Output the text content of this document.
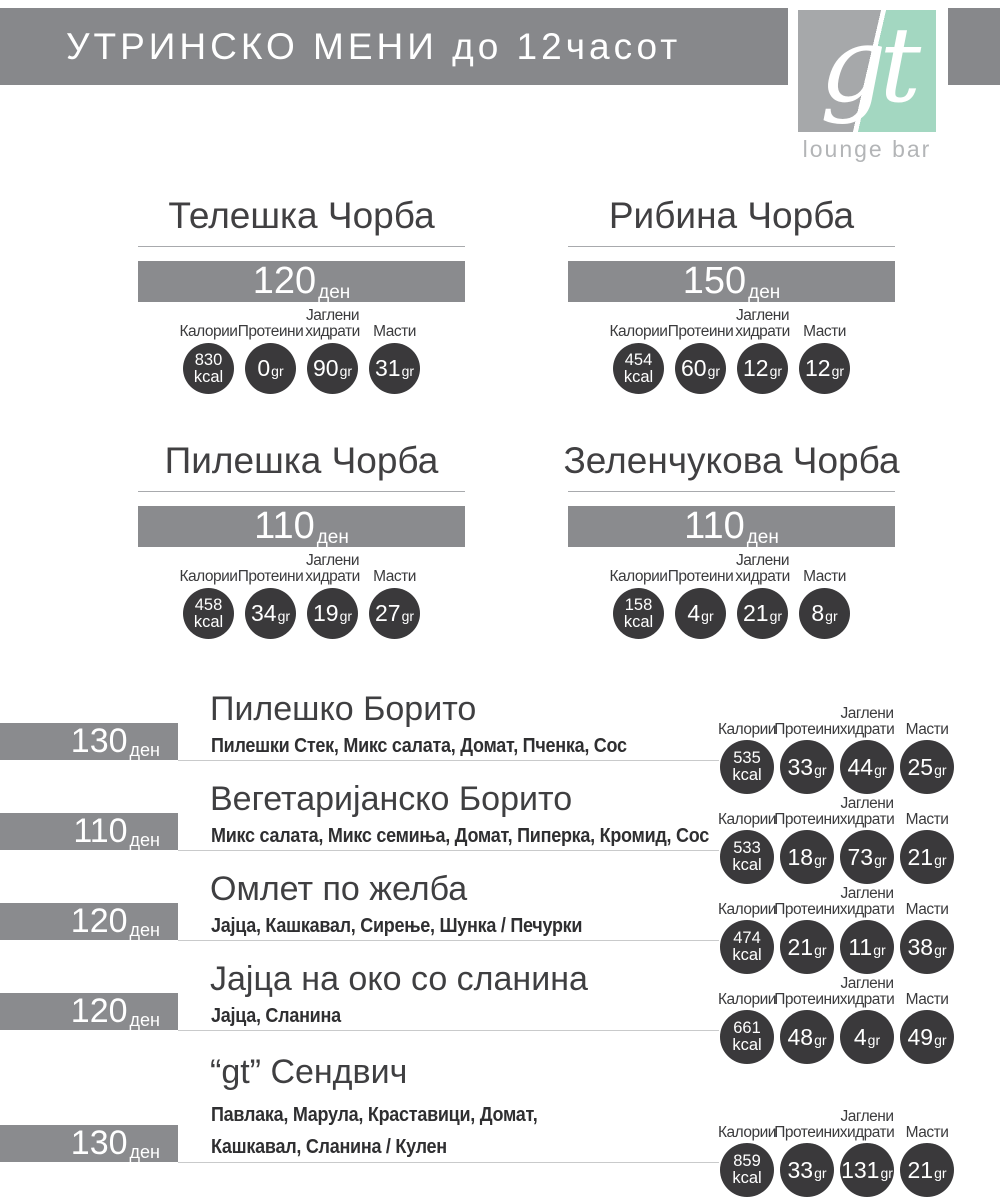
УТРИНСКО МЕНИ до 12часот gt
lounge bar
Телешка Чорба
120 ден
Калории
830
kcal
Протеини
0 gr
Јаглени
хидрати
90 gr
Масти
31 gr
Рибина Чорба
150 ден
Калории
454
kcal
Протеини
60 gr
Јаглени
хидрати
12 gr
Масти
12 gr
Пилешка Чорба
110 ден
Калории
458
kcal
Протеини
34 gr
Јаглени
хидрати
19 gr
Масти
27 gr
Зеленчукова Чорба
110 ден
Калории
158
kcal
Протеини
4 gr
Јаглени
хидрати
21 gr
Масти
8 gr
130 ден
Пилешко Борито
Пилешки Стек, Микс салата, Домат, Пченка, Сос
Калории
535
kcal
Протеини
33 gr
Јаглени
хидрати
44 gr
Масти
25 gr
110 ден
Вегетаријанско Борито
Микс салата, Микс семиња, Домат, Пиперка, Кромид, Сос
Калории
533
kcal
Протеини
18 gr
Јаглени
хидрати
73 gr
Масти
21 gr
120 ден
Омлет по желба
Јајца, Кашкавал, Сирење, Шунка / Печурки
Калории
474
kcal
Протеини
21 gr
Јаглени
хидрати
11 gr
Масти
38 gr
120 ден
Јајца на око со сланина
Јајца, Сланина
Калории
661
kcal
Протеини
48 gr
Јаглени
хидрати
4 gr
Масти
49 gr
130 ден
“gt” Сендвич
Павлака, Марула, Краставици, Домат,
Кашкавал, Сланина / Кулен
Калории
859
kcal
Протеини
33 gr
Јаглени
хидрати
131 gr
Масти
21 gr
